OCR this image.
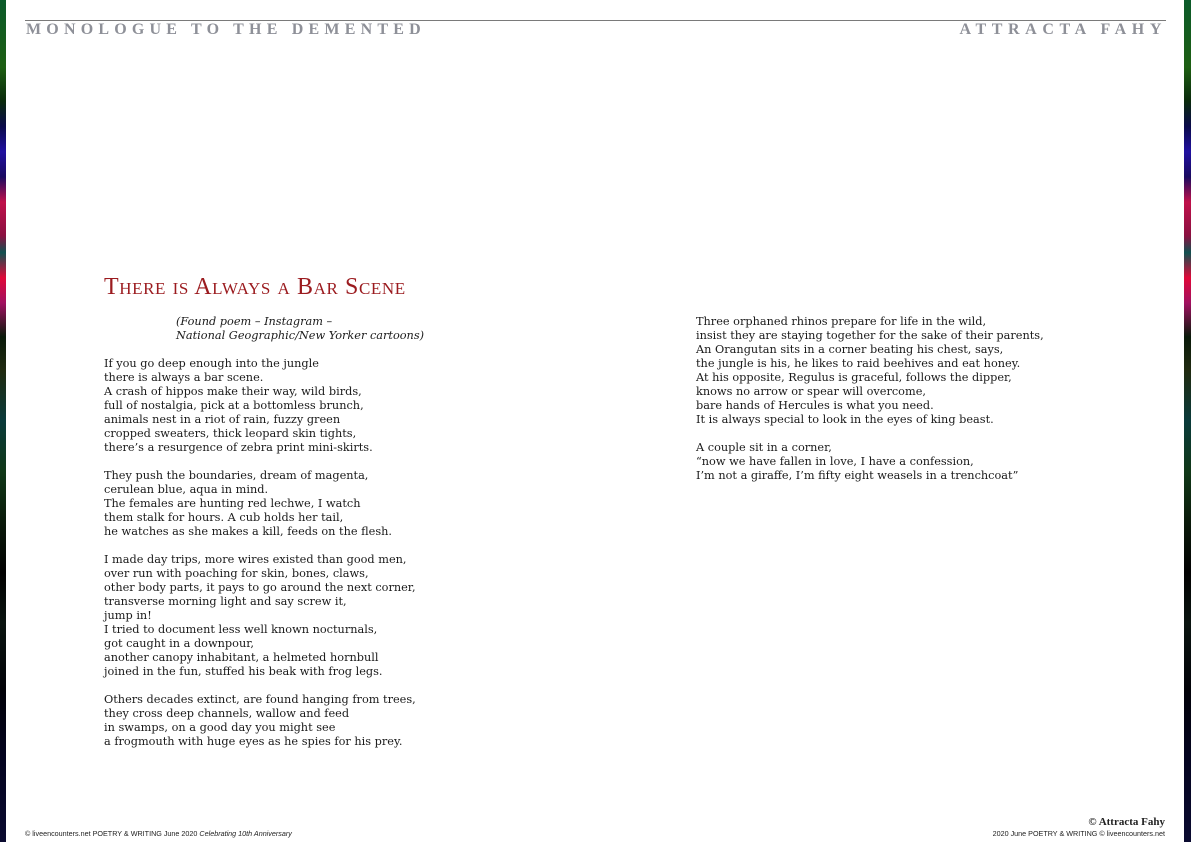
MONOLOGUE TO THE DEMENTED	ATTRACTA FAHY
There is Always a Bar Scene
(Found poem – Instagram –
National Geographic/New Yorker cartoons)
If you go deep enough into the jungle
there is always a bar scene.
A crash of hippos make their way, wild birds,
full of nostalgia, pick at a bottomless brunch,
animals nest in a riot of rain, fuzzy green
cropped sweaters, thick leopard skin tights,
there’s a resurgence of zebra print mini-skirts.
They push the boundaries, dream of magenta,
cerulean blue, aqua in mind.
The females are hunting red lechwe, I watch
them stalk for hours. A cub holds her tail,
he watches as she makes a kill, feeds on the flesh.
I made day trips, more wires existed than good men,
over run with poaching for skin, bones, claws,
other body parts, it pays to go around the next corner,
transverse morning light and say screw it,
jump in!
I tried to document less well known nocturnals,
got caught in a downpour,
another canopy inhabitant, a helmeted hornbull
joined in the fun, stuffed his beak with frog legs.
Others decades extinct, are found hanging from trees,
they cross deep channels, wallow and feed
in swamps, on a good day you might see
a frogmouth with huge eyes as he spies for his prey.
Three orphaned rhinos prepare for life in the wild,
insist they are staying together for the sake of their parents,
An Orangutan sits in a corner beating his chest, says,
the jungle is his, he likes to raid beehives and eat honey.
At his opposite, Regulus is graceful, follows the dipper,
knows no arrow or spear will overcome,
bare hands of Hercules is what you need.
It is always special to look in the eyes of king beast.
A couple sit in a corner,
“now we have fallen in love, I have a confession,
I’m not a giraffe, I’m fifty eight weasels in a trenchcoat”
© liveencounters.net POETRY & WRITING June 2020 Celebrating 10th Anniversary
© Attracta Fahy
2020 June POETRY & WRITING © liveencounters.net
